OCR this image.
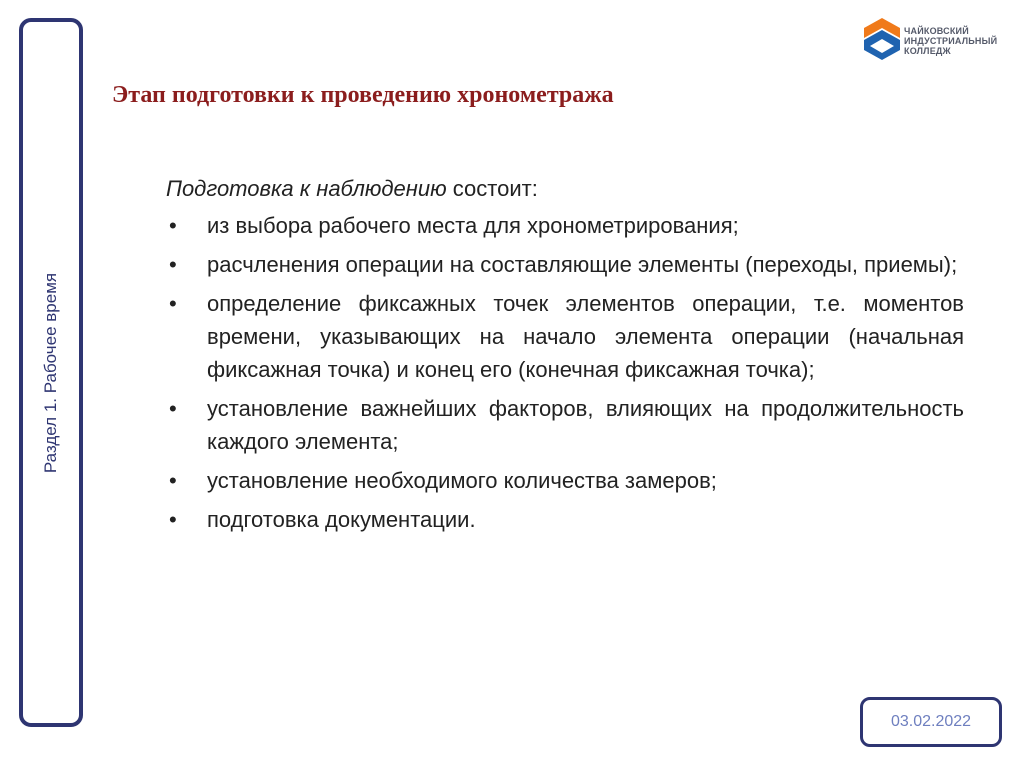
Раздел 1. Рабочее время
ЧАЙКОВСКИЙ
ИНДУСТРИАЛЬНЫЙ
КОЛЛЕДЖ
Этап подготовки к проведению хронометража

Подготовка к наблюдению состоит:

• из выбора рабочего места для хронометрирования;
• расчленения операции на составляющие элементы (переходы, приемы);
• определение фиксажных точек элементов операции, т.е. моментов времени, указывающих на начало элемента операции (начальная фиксажная точка) и конец его (конечная фиксажная точка);
• установление важнейших факторов, влияющих на продолжительность каждого элемента;
• установление необходимого количества замеров;
• подготовка документации.
03.02.2022
